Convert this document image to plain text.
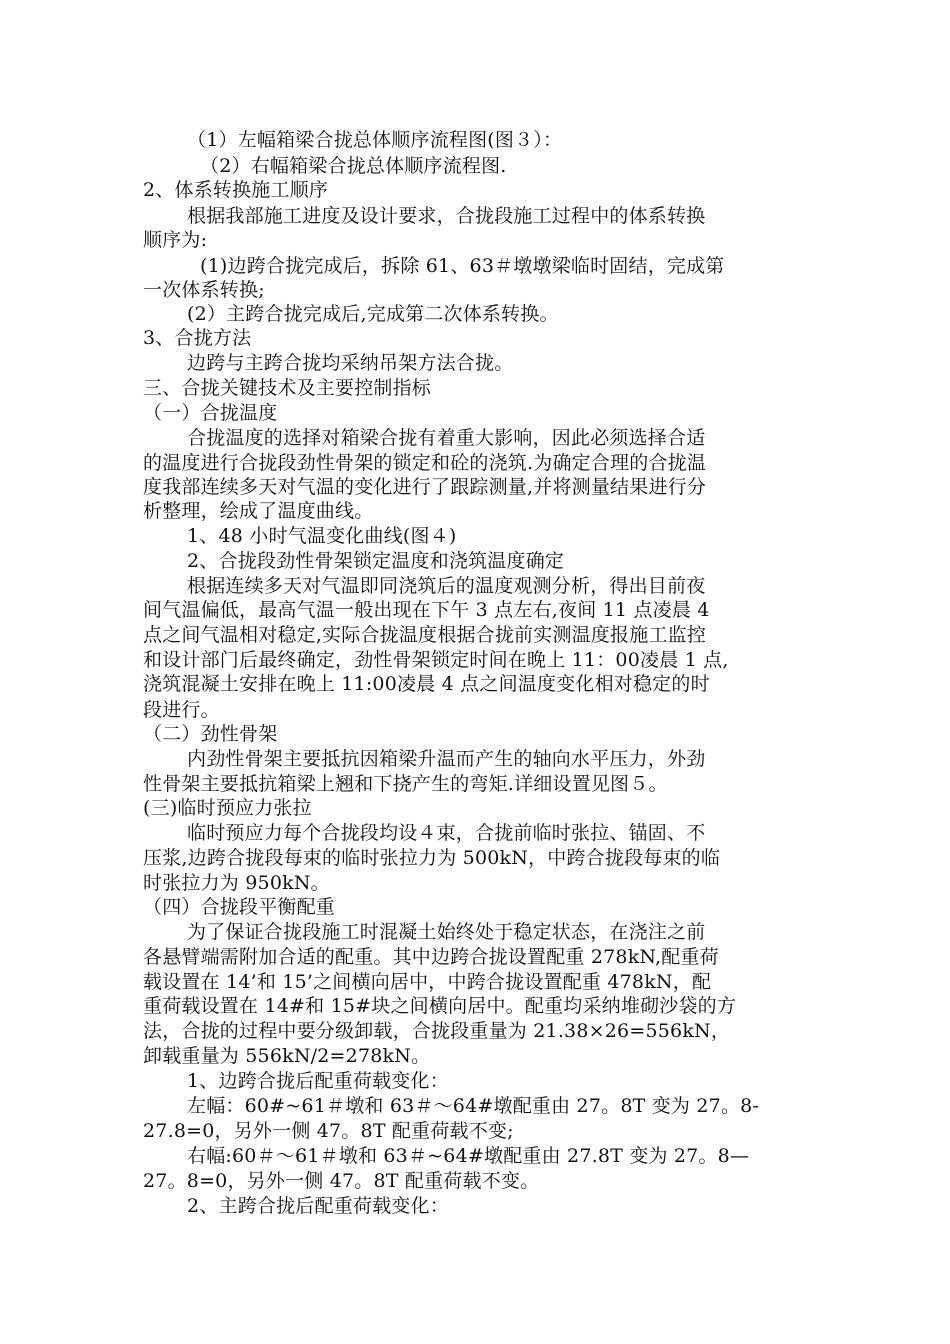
（1）左幅箱梁合拢总体顺序流程图(图３）：
（2）右幅箱梁合拢总体顺序流程图.
2、体系转换施工顺序
根据我部施工进度及设计要求，合拢段施工过程中的体系转换
顺序为:
(1)边跨合拢完成后，拆除 61、63＃墩墩梁临时固结，完成第
一次体系转换;
(2）主跨合拢完成后,完成第二次体系转换。
3、合拢方法
边跨与主跨合拢均采纳吊架方法合拢。
三、合拢关键技术及主要控制指标
（一）合拢温度
合拢温度的选择对箱梁合拢有着重大影响，因此必须选择合适
的温度进行合拢段劲性骨架的锁定和砼的浇筑.为确定合理的合拢温
度我部连续多天对气温的变化进行了跟踪测量,并将测量结果进行分
析整理，绘成了温度曲线。
1、48 小时气温变化曲线(图４)
2、合拢段劲性骨架锁定温度和浇筑温度确定
根据连续多天对气温即同浇筑后的温度观测分析，得出目前夜
间气温偏低，最高气温一般出现在下午 3 点左右,夜间 11 点凌晨 4
点之间气温相对稳定,实际合拢温度根据合拢前实测温度报施工监控
和设计部门后最终确定，劲性骨架锁定时间在晚上 11：00凌晨 1 点,
浇筑混凝土安排在晚上 11:00凌晨 4 点之间温度变化相对稳定的时
段进行。
（二）劲性骨架
内劲性骨架主要抵抗因箱梁升温而产生的轴向水平压力，外劲
性骨架主要抵抗箱梁上翘和下挠产生的弯矩.详细设置见图５。
(三)临时预应力张拉
临时预应力每个合拢段均设４束，合拢前临时张拉、锚固、不
压浆,边跨合拢段每束的临时张拉力为 500kN，中跨合拢段每束的临
时张拉力为 950kN。
（四）合拢段平衡配重
为了保证合拢段施工时混凝土始终处于稳定状态，在浇注之前
各悬臂端需附加合适的配重。其中边跨合拢设置配重 278kN,配重荷
载设置在 14’和 15’之间横向居中，中跨合拢设置配重 478kN，配
重荷载设置在 14#和 15#块之间横向居中。配重均采纳堆砌沙袋的方
法，合拢的过程中要分级卸载，合拢段重量为 21.38×26=556kN，
卸载重量为 556kN/2=278kN。
1、边跨合拢后配重荷载变化：
左幅：60#~61＃墩和 63＃～64#墩配重由 27。8T 变为 27。8-
27.8=0，另外一侧 47。8T 配重荷载不变;
右幅:60＃～61＃墩和 63＃~64#墩配重由 27.8T 变为 27。8—
27。8=0，另外一侧 47。8T 配重荷载不变。
2、主跨合拢后配重荷载变化：
